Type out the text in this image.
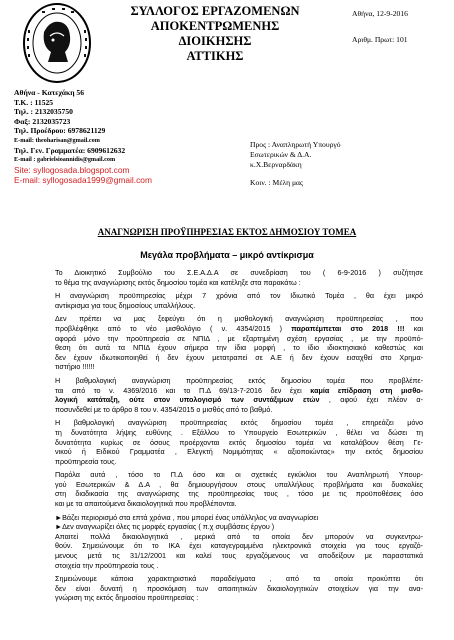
ΣΥΛΛΟΓΟΣ ΕΡΓΑΖΟΜΕΝΩΝ
ΑΠΟΚΕΝΤΡΩΜΕΝΗΣ
ΔΙΟΙΚΗΣΗΣ
ΑΤΤΙΚΗΣ
Αθήνα, 12-9-2016
Αριθμ. Πρωτ: 101
Αθήνα - Κατεχάκη 56
Τ.Κ. : 11525
Τηλ. : 2132035750
Φαξ: 2132035723
Τηλ. Προέδρου: 6978621129
E-mail: theoharisan@gmail.com
Τηλ. Γεν. Γραμματέα: 6909612632
E-mail : gabrielsioannidis@gmail.com
Site: syllogosada.blogspot.com
E-mail: syllogosada1999@gmail.com
Προς : Αναπληρωτή Υπουργό
Εσωτερικών & Δ.Α.
κ.Χ.Βερναρδάκη
Κοιν. : Μέλη μας
ΑΝΑΓΝΩΡΙΣΗ ΠΡΟΫΠΗΡΕΣΙΑΣ ΕΚΤΟΣ ΔΗΜΟΣΙΟΥ ΤΟΜΕΑ
Μεγάλα προβλήματα – μικρό αντίκρισμα
Το Διοικητικό Συμβούλιο του Σ.Ε.Α.Δ.Α σε συνεδρίαση του ( 6-9-2016 ) συζήτησε
το θέμα της αναγνώρισης εκτός δημοσίου τομέα και κατέληξε στα παρακάτω :
Η αναγνώριση προϋπηρεσίας μέχρι 7 χρόνια από τον Ιδιωτικό Τομέα , θα έχει μικρό
αντίκρισμα για τους δημοσίους υπαλλήλους.
Δεν πρέπει να μας ξεφεύγει ότι η μισθολογική αναγνώριση προϋπηρεσίας , που
προβλέφθηκε από το νέο μισθολόγιο ( ν. 4354/2015 ) παραπέμπεται στο 2018 !!! και
αφορά μόνο την προϋπηρεσία σε ΝΠΙΔ , με εξαρτημένη σχέση εργασίας , με την προϋπό-
θεση ότι αυτά τα ΝΠΙΔ έχουν σήμερα την ίδια μορφή , το ίδιο ιδιοκτησιακό καθεστώς και
δεν έχουν ιδιωτικοποιηθεί ή δεν έχουν μετατραπεί σε Α.Ε ή δεν έχουν εισαχθεί στο Χρημα-
τιστήριο !!!!!!
Η βαθμολογική αναγνώριση προϋπηρεσίας εκτός δημοσίου τομέα που προβλέπε-
ται από το ν. 4369/2016 και το Π.Δ 69/13-7-2016 δεν έχει καμία επίδραση στη μισθο-
λογική κατάταξη, ούτε στον υπολογισμό των συντάξιμων ετών , αφού έχει πλέον α-
ποσυνδεθεί με το άρθρο 8 του ν. 4354/2015 ο μισθός από το βαθμό.
Η βαθμολογική αναγνώριση προϋπηρεσίας εκτός δημοσίου τομέα , επηρεάζει μόνο
τη δυνατότητα λήψης ευθύνης . Εξάλλου το Υπουργείο Εσωτερικών , θέλει να δώσει τη
δυνατότητα κυρίως σε όσους προέρχονται εκτός δημοσίου τομέα να καταλάβουν θέση Γε-
νικού ή Ειδικού Γραμματέα , Ελεγκτή Νομιμότητας « αξιοποιώντας» την εκτός δημοσίου
προϋπηρεσία τους.
Παρόλα αυτά , τόσο το Π.Δ όσο και οι σχετικές εγκύκλιοι του Αναπληρωτή Υπουρ-
γού Εσωτερικών & Δ.Α , θα δημιουργήσουν στους υπαλλήλους προβλήματα και δυσκολίες
στη διαδικασία της αναγνώρισης της προϋπηρεσίας τους , τόσο με τις προϋποθέσεις όσο
και με τα απαιτούμενα δικαιολογητικά που προβλέπονται.
►Βάζει περιορισμό στα επτά χρόνια , που μπορεί ένας υπάλληλος να αναγνωρίσει
►Δεν αναγνωρίζει όλες τις μορφές εργασίας ( π.χ συμβάσεις έργου )
Απαιτεί πολλά δικαιολογητικά , μερικά από τα οποία δεν μπορούν να συγκεντρω-
θούν. Σημειώνουμε ότι το ΙΚΑ έχει καταγεγραμμένα ηλεκτρονικά στοιχεία για τους εργαζό-
μενους μετά τις 31/12/2001 και καλεί τους εργαζόμενους να αποδείξουν με παραστατικά
στοιχεία την προϋπηρεσία τους .
Σημειώνουμε κάποια χαρακτηριστικά παραδείγματα , από τα οποία προκύπτει ότι
δεν είναι δυνατή η προσκόμιση των απαιτητικών δικαιολογητικών στοιχείων για την ανα-
γνώριση της εκτός δημοσίου προϋπηρεσίας :
